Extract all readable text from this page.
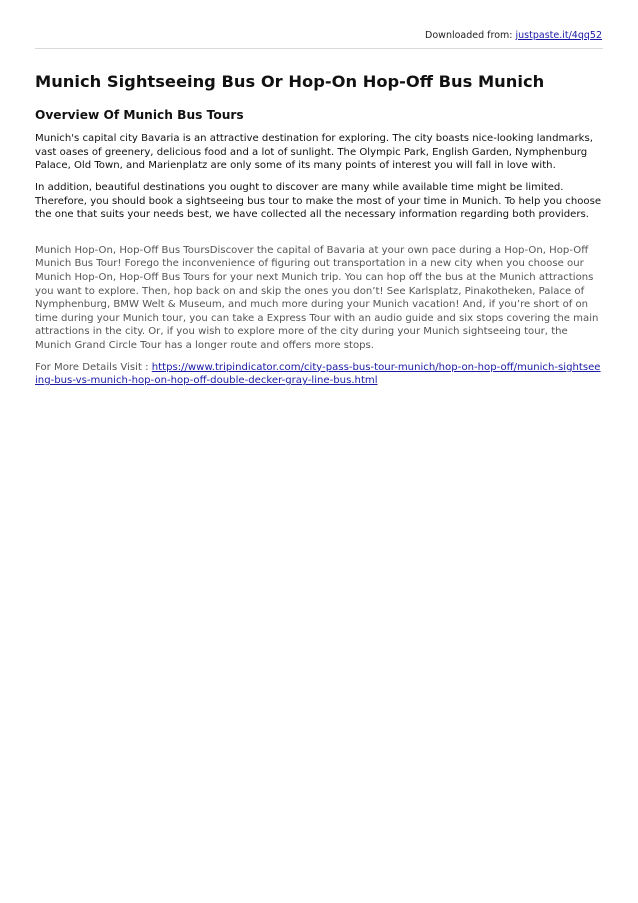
Downloaded from: justpaste.it/4qq52
Munich Sightseeing Bus Or Hop-On Hop-Off Bus Munich
Overview Of Munich Bus Tours

Munich's capital city Bavaria is an attractive destination for exploring. The city boasts nice-looking landmarks, vast oases of greenery, delicious food and a lot of sunlight. The Olympic Park, English Garden, Nymphenburg Palace, Old Town, and Marienplatz are only some of its many points of interest you will fall in love with.

In addition, beautiful destinations you ought to discover are many while available time might be limited. Therefore, you should book a sightseeing bus tour to make the most of your time in Munich. To help you choose the one that suits your needs best, we have collected all the necessary information regarding both providers.

Munich Hop-On, Hop-Off Bus ToursDiscover the capital of Bavaria at your own pace during a Hop-On, Hop-Off Munich Bus Tour! Forego the inconvenience of figuring out transportation in a new city when you choose our Munich Hop-On, Hop-Off Bus Tours for your next Munich trip. You can hop off the bus at the Munich attractions you want to explore. Then, hop back on and skip the ones you don’t! See Karlsplatz, Pinakotheken, Palace of Nymphenburg, BMW Welt & Museum, and much more during your Munich vacation! And, if you’re short of on time during your Munich tour, you can take a Express Tour with an audio guide and six stops covering the main attractions in the city. Or, if you wish to explore more of the city during your Munich sightseeing tour, the Munich Grand Circle Tour has a longer route and offers more stops.

For More Details Visit : https://www.tripindicator.com/city-pass-bus-tour-munich/hop-on-hop-off/munich-sightseeing-bus-vs-munich-hop-on-hop-off-double-decker-gray-line-bus.html
